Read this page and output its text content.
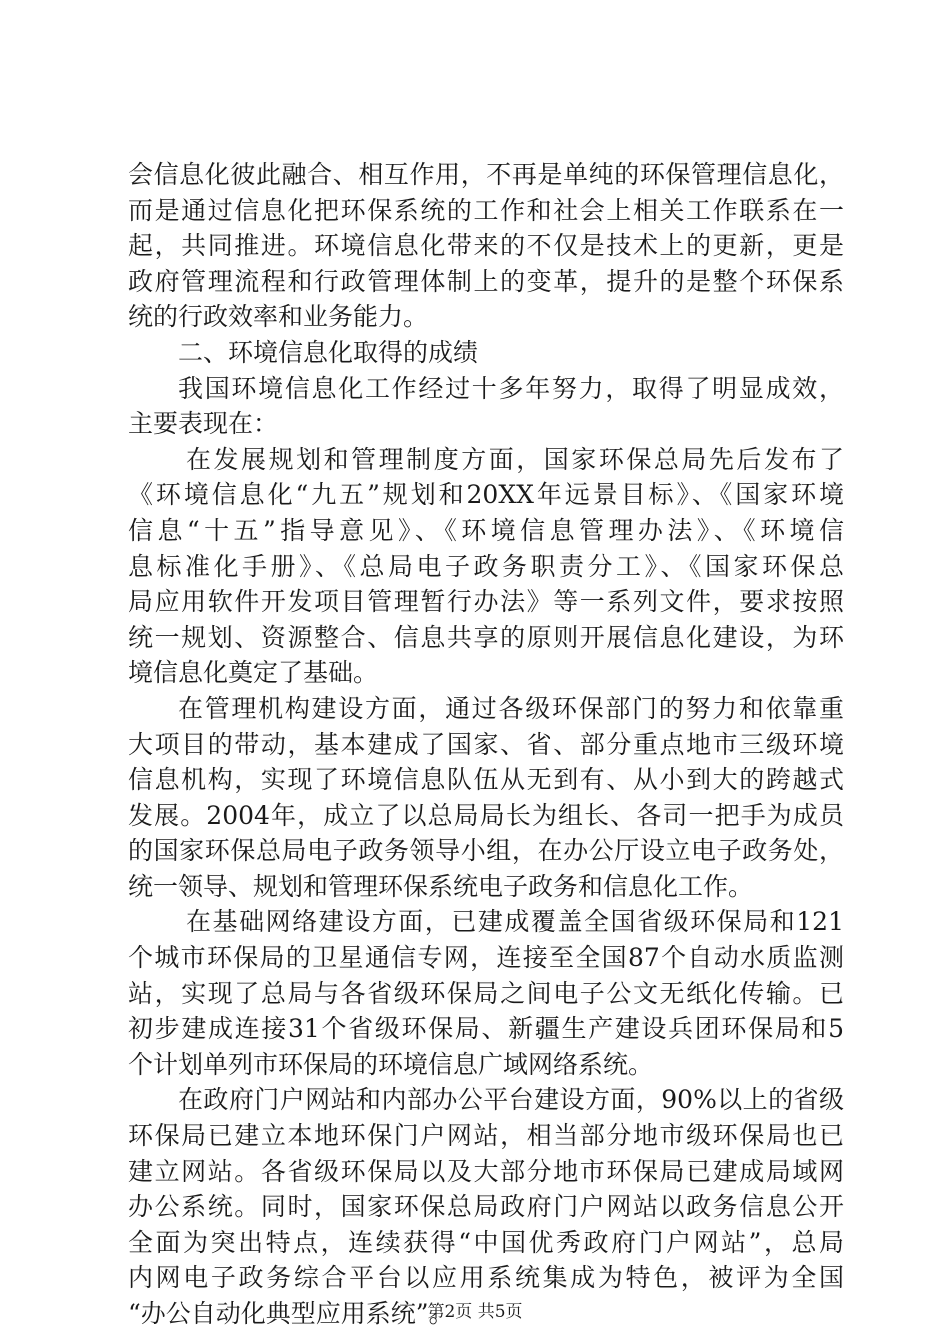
会信息化彼此融合、相互作用，不再是单纯的环保管理信息化，
而是通过信息化把环保系统的工作和社会上相关工作联系在一
起，共同推进。环境信息化带来的不仅是技术上的更新，更是
政府管理流程和行政管理体制上的变革，提升的是整个环保系
统的行政效率和业务能力。
二、环境信息化取得的成绩
我国环境信息化工作经过十多年努力，取得了明显成效，
主要表现在：
在发展规划和管理制度方面，国家环保总局先后发布了
《环境信息化“九五”规划和20XX年远景目标》、《国家环境
信息“十五”指导意见》、《环境信息管理办法》、《环境信
息标准化手册》、《总局电子政务职责分工》、《国家环保总
局应用软件开发项目管理暂行办法》等一系列文件，要求按照
统一规划、资源整合、信息共享的原则开展信息化建设，为环
境信息化奠定了基础。
在管理机构建设方面，通过各级环保部门的努力和依靠重
大项目的带动，基本建成了国家、省、部分重点地市三级环境
信息机构，实现了环境信息队伍从无到有、从小到大的跨越式
发展。2004年，成立了以总局局长为组长、各司一把手为成员
的国家环保总局电子政务领导小组，在办公厅设立电子政务处，
统一领导、规划和管理环保系统电子政务和信息化工作。
在基础网络建设方面，已建成覆盖全国省级环保局和121
个城市环保局的卫星通信专网，连接至全国87个自动水质监测
站，实现了总局与各省级环保局之间电子公文无纸化传输。已
初步建成连接31个省级环保局、新疆生产建设兵团环保局和5
个计划单列市环保局的环境信息广域网络系统。
在政府门户网站和内部办公平台建设方面，90%以上的省级
环保局已建立本地环保门户网站，相当部分地市级环保局也已
建立网站。各省级环保局以及大部分地市环保局已建成局域网
办公系统。同时，国家环保总局政府门户网站以政务信息公开
全面为突出特点，连续获得“中国优秀政府门户网站”，总局
内网电子政务综合平台以应用系统集成为特色，被评为全国
“办公自动化典型应用系统”。
第2页 共5页
